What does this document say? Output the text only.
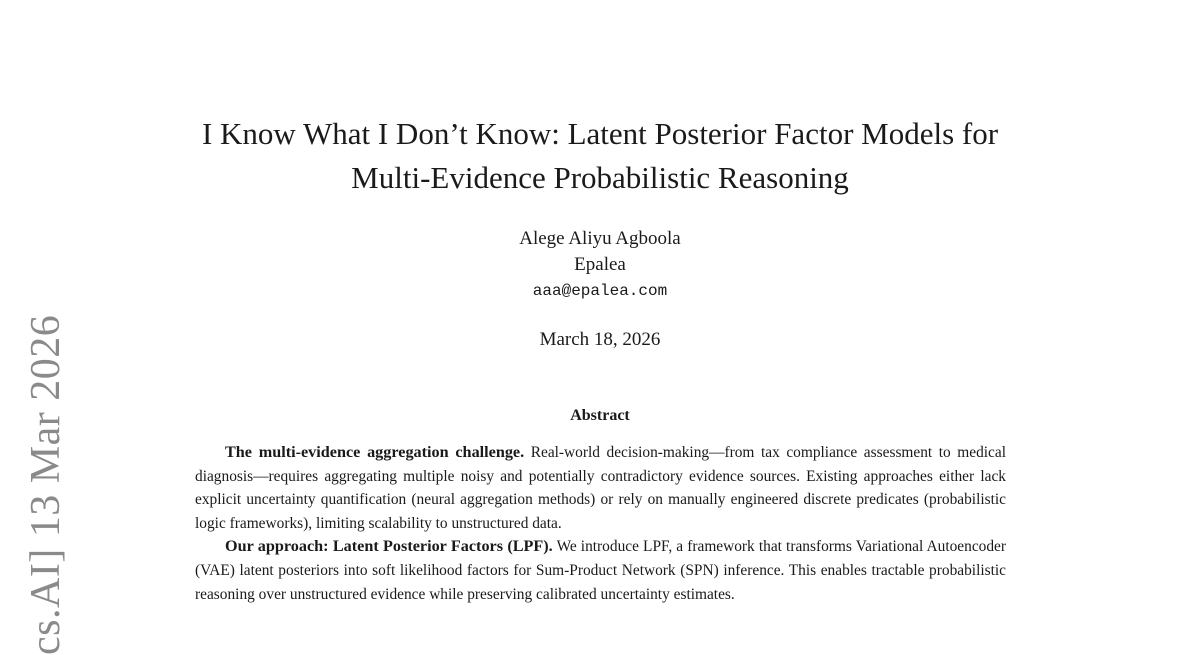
cs.AI] 13 Mar 2026
I Know What I Don’t Know: Latent Posterior Factor Models for
Multi-Evidence Probabilistic Reasoning
Alege Aliyu Agboola
Epalea
aaa@epalea.com
March 18, 2026
Abstract

The multi-evidence aggregation challenge. Real-world decision-making—from tax compliance assessment to medical diagnosis—requires aggregating multiple noisy and potentially contradictory evidence sources. Existing approaches either lack explicit uncertainty quantification (neural aggregation methods) or rely on manually engineered discrete predicates (probabilistic logic frameworks), limiting scalability to unstructured data.

Our approach: Latent Posterior Factors (LPF). We introduce LPF, a framework that transforms Variational Autoencoder (VAE) latent posteriors into soft likelihood factors for Sum-Product Network (SPN) inference. This enables tractable probabilistic reasoning over unstructured evidence while preserving calibrated uncertainty estimates.
